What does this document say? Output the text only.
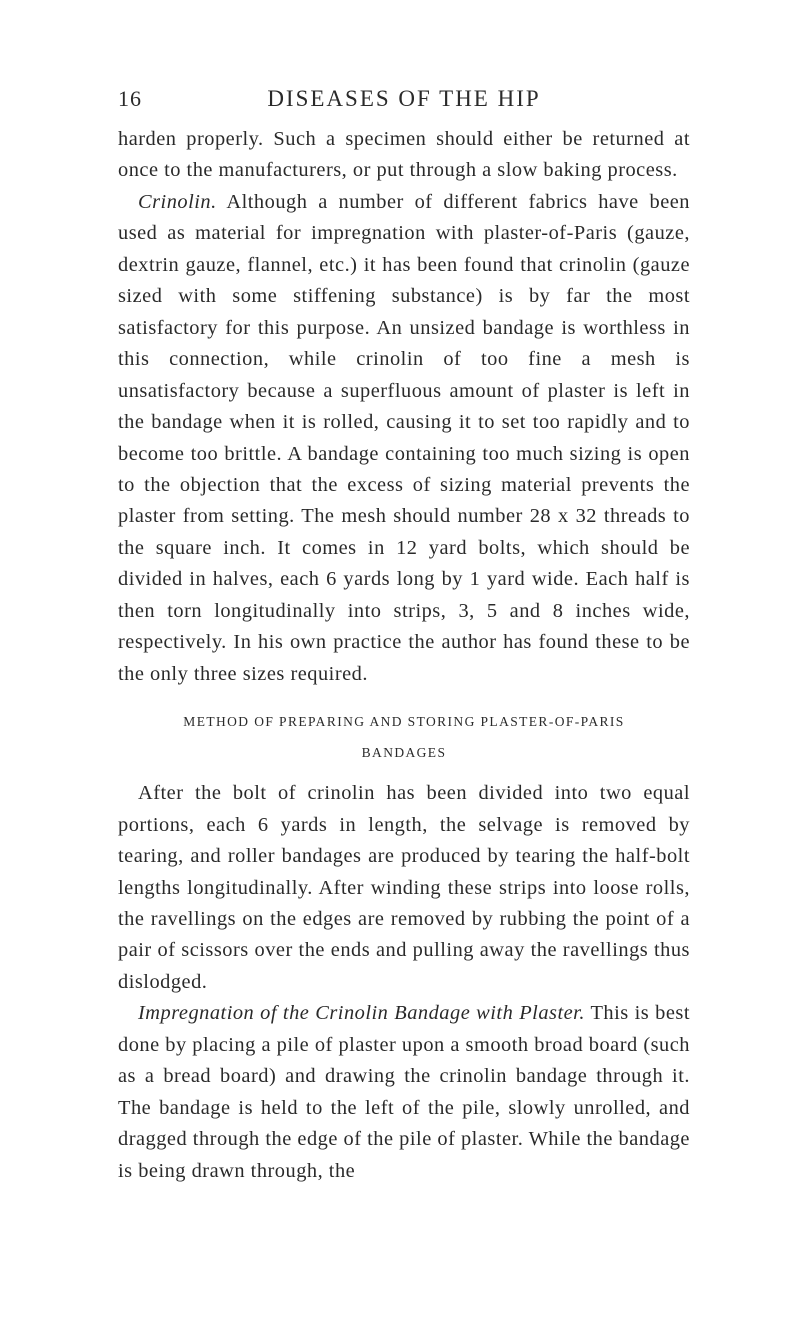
16	DISEASES OF THE HIP

harden properly. Such a specimen should either be returned at once to the manufacturers, or put through a slow baking process.

Crinolin. Although a number of different fabrics have been used as material for impregnation with plaster-of-Paris (gauze, dextrin gauze, flannel, etc.) it has been found that crinolin (gauze sized with some stiffening substance) is by far the most satisfactory for this purpose. An unsized bandage is worthless in this connection, while crinolin of too fine a mesh is unsatisfactory because a superfluous amount of plaster is left in the bandage when it is rolled, causing it to set too rapidly and to become too brittle. A bandage containing too much sizing is open to the objection that the excess of sizing material prevents the plaster from setting. The mesh should number 28 x 32 threads to the square inch. It comes in 12 yard bolts, which should be divided in halves, each 6 yards long by 1 yard wide. Each half is then torn longitudinally into strips, 3, 5 and 8 inches wide, respectively. In his own practice the author has found these to be the only three sizes required.

METHOD OF PREPARING AND STORING PLASTER-OF-PARIS
BANDAGES

After the bolt of crinolin has been divided into two equal portions, each 6 yards in length, the selvage is removed by tearing, and roller bandages are produced by tearing the half-bolt lengths longitudinally. After winding these strips into loose rolls, the ravellings on the edges are removed by rubbing the point of a pair of scissors over the ends and pulling away the ravellings thus dislodged.

Impregnation of the Crinolin Bandage with Plaster. This is best done by placing a pile of plaster upon a smooth broad board (such as a bread board) and drawing the crinolin bandage through it. The bandage is held to the left of the pile, slowly unrolled, and dragged through the edge of the pile of plaster. While the bandage is being drawn through, the
